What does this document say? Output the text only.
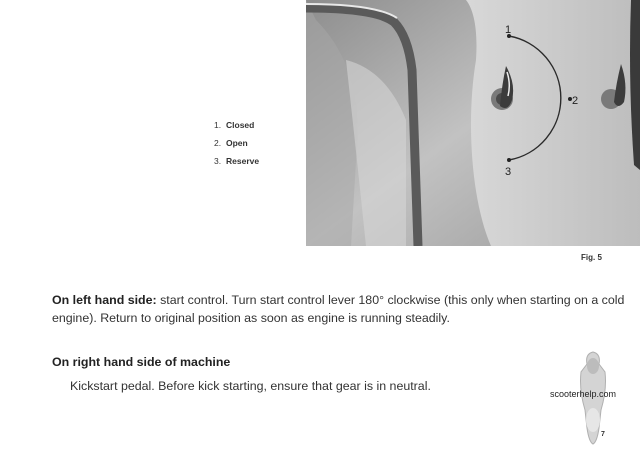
1. Closed
2. Open
3. Reserve
1
2
3
Fig. 5
On left hand side: start control. Turn start control lever 180° clockwise (this only when starting on a cold engine). Return to original position as soon as engine is running steadily.
On right hand side of machine
Kickstart pedal. Before kick starting, ensure that gear is in neutral.
scooterhelp.com
7
